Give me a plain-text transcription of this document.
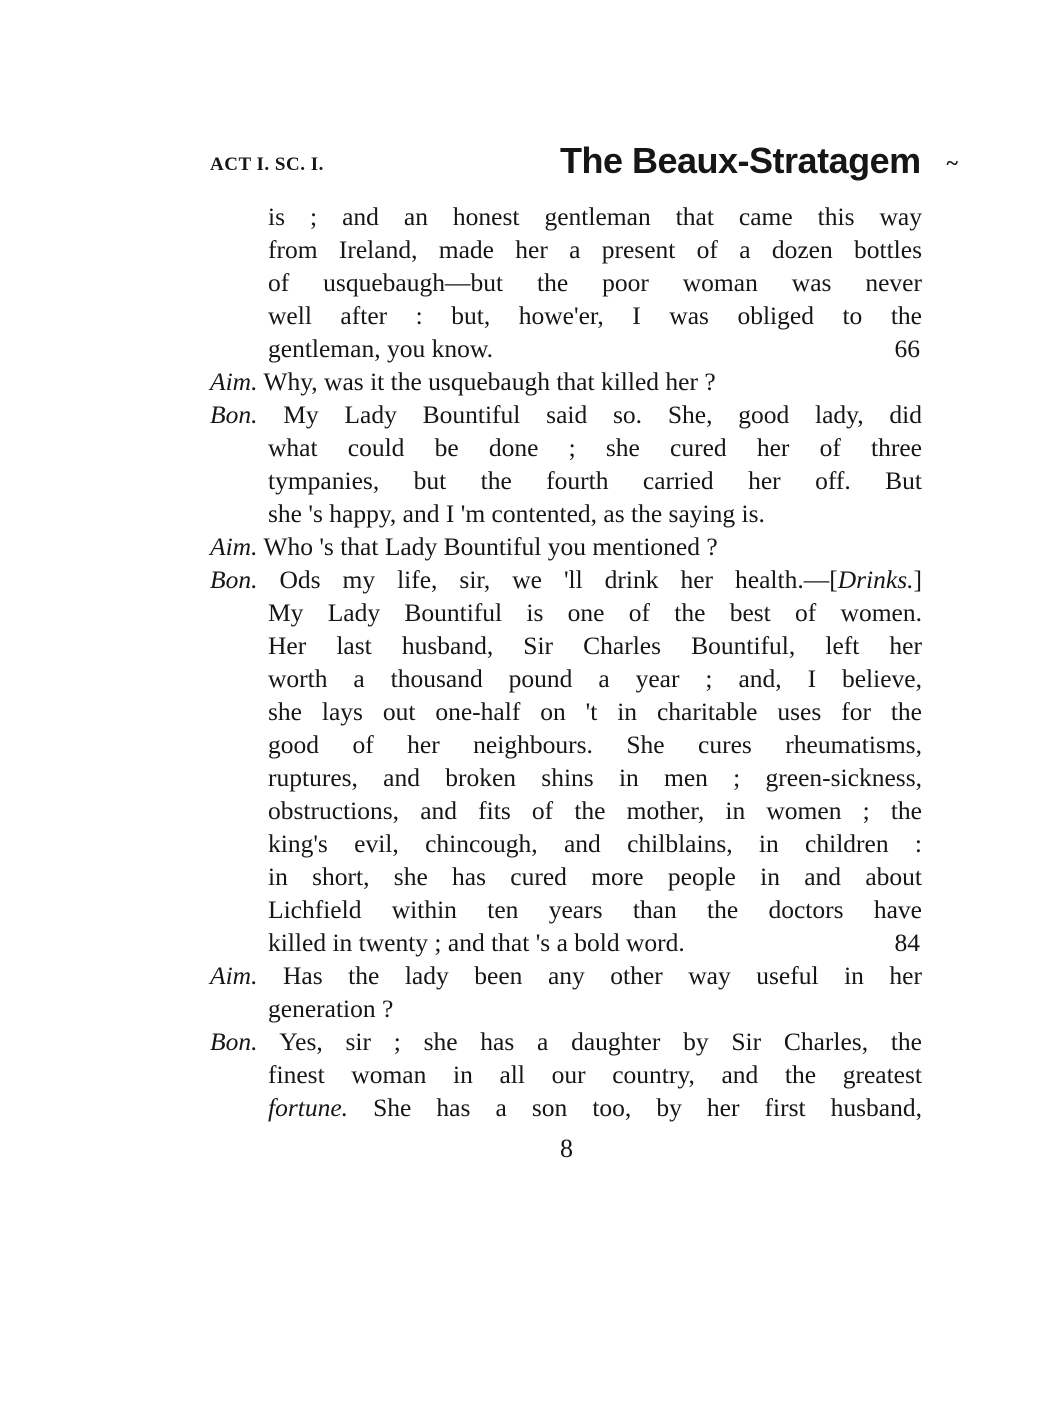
ACT I. SC. I.	The Beaux-Stratagem ~
is ; and an honest gentleman that came this way
from Ireland, made her a present of a dozen bottles
of usquebaugh—but the poor woman was never
well after : but, howe'er, I was obliged to the
gentleman, you know.	66
Aim. Why, was it the usquebaugh that killed her ?
Bon. My Lady Bountiful said so. She, good lady, did
what could be done ; she cured her of three
tympanies, but the fourth carried her off. But
she 's happy, and I 'm contented, as the saying is.
Aim. Who 's that Lady Bountiful you mentioned ?
Bon. Ods my life, sir, we 'll drink her health.—[Drinks.]
My Lady Bountiful is one of the best of women.
Her last husband, Sir Charles Bountiful, left her
worth a thousand pound a year ; and, I believe,
she lays out one-half on 't in charitable uses for the
good of her neighbours. She cures rheumatisms,
ruptures, and broken shins in men ; green-sickness,
obstructions, and fits of the mother, in women ; the
king's evil, chincough, and chilblains, in children :
in short, she has cured more people in and about
Lichfield within ten years than the doctors have
killed in twenty ; and that 's a bold word.	84
Aim. Has the lady been any other way useful in her
generation ?
Bon. Yes, sir ; she has a daughter by Sir Charles, the
finest woman in all our country, and the greatest
fortune. She has a son too, by her first husband,
8
